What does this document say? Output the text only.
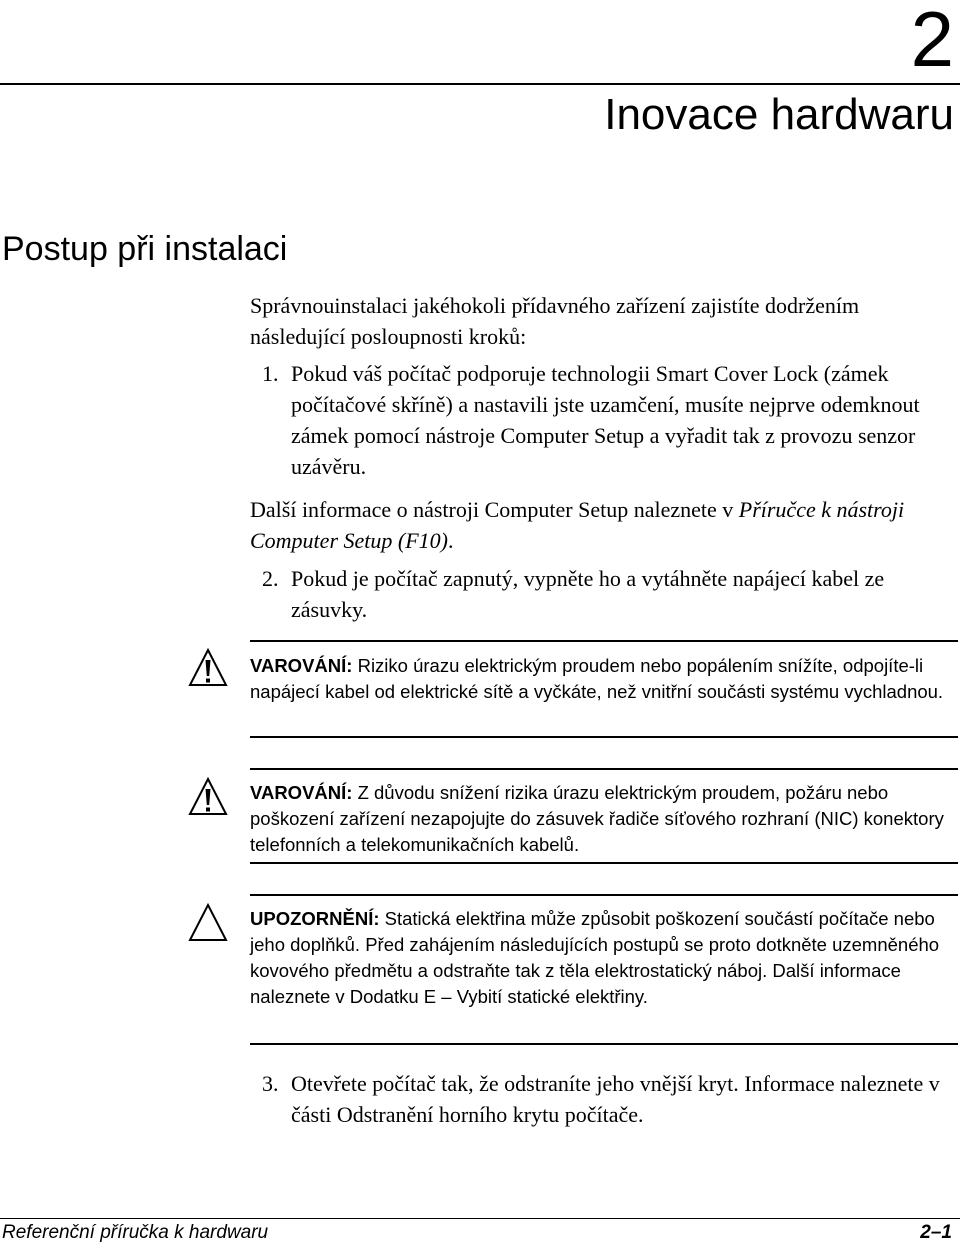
2
Inovace hardwaru
Postup při instalaci
Správnouinstalaci jakéhokoli přídavného zařízení zajistíte dodržením následující posloupnosti kroků:
1. Pokud váš počítač podporuje technologii Smart Cover Lock (zámek počítačové skříně) a nastavili jste uzamčení, musíte nejprve odemknout zámek pomocí nástroje Computer Setup a vyřadit tak z provozu senzor uzávěru.
Další informace o nástroji Computer Setup naleznete v Příručce k nástroji Computer Setup (F10).
2. Pokud je počítač zapnutý, vypněte ho a vytáhněte napájecí kabel ze zásuvky.
VAROVÁNÍ: Riziko úrazu elektrickým proudem nebo popálením snížíte, odpojíte-li napájecí kabel od elektrické sítě a vyčkáte, než vnitřní součásti systému vychladnou.
VAROVÁNÍ: Z důvodu snížení rizika úrazu elektrickým proudem, požáru nebo poškození zařízení nezapojujte do zásuvek řadiče síťového rozhraní (NIC) konektory telefonních a telekomunikačních kabelů.
UPOZORNĚNÍ: Statická elektřina může způsobit poškození součástí počítače nebo jeho doplňků. Před zahájením následujících postupů se proto dotkněte uzemněného kovového předmětu a odstraňte tak z těla elektrostatický náboj. Další informace naleznete v Dodatku E – Vybití statické elektřiny.
3. Otevřete počítač tak, že odstraníte jeho vnější kryt. Informace naleznete v části Odstranění horního krytu počítače.
Referenční příručka k hardwaru	2–1
